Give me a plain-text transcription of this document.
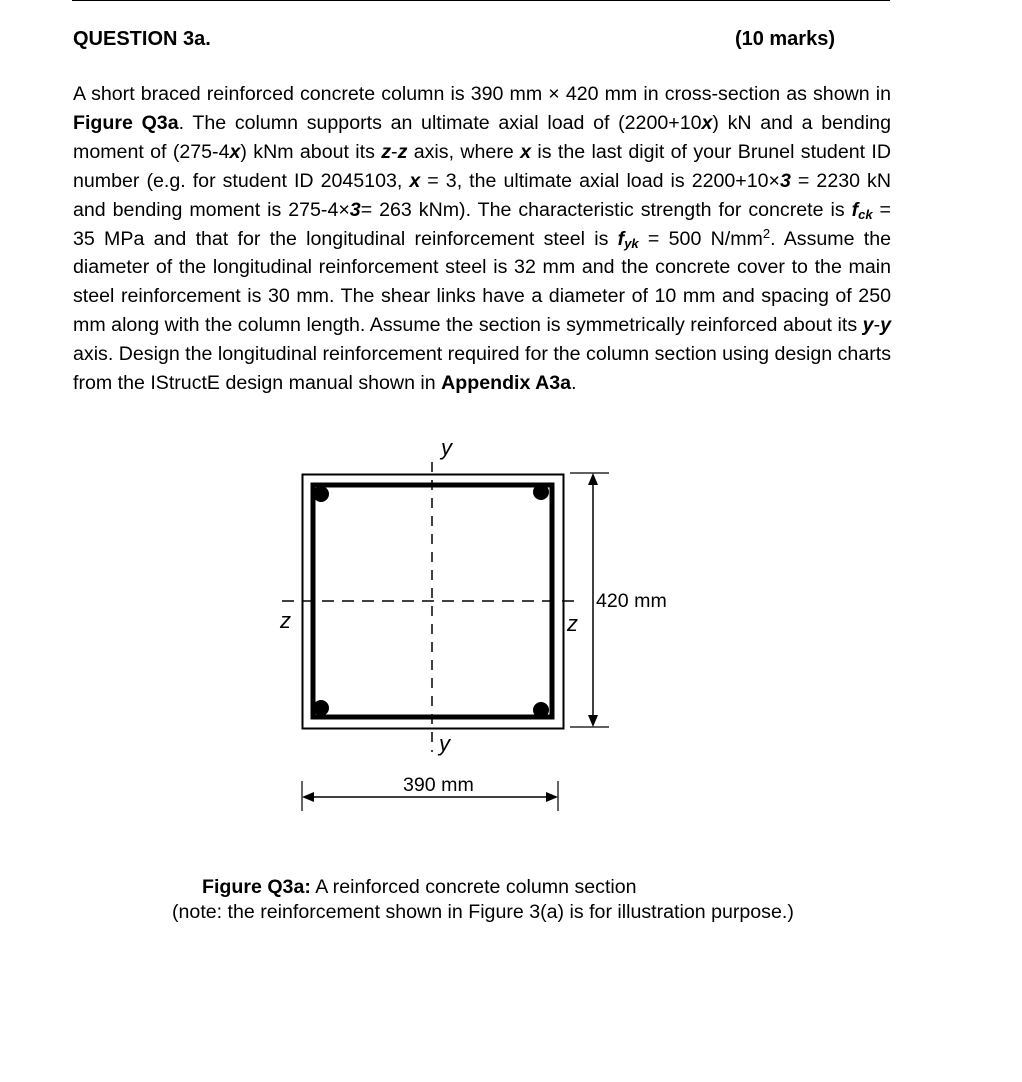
QUESTION 3a.	(10 marks)

A short braced reinforced concrete column is 390 mm × 420 mm in cross-section as shown in Figure Q3a. The column supports an ultimate axial load of (2200+10x) kN and a bending moment of (275-4x) kNm about its z-z axis, where x is the last digit of your Brunel student ID number (e.g. for student ID 2045103, x = 3, the ultimate axial load is 2200+10×3 = 2230 kN and bending moment is 275-4×3= 263 kNm). The characteristic strength for concrete is $f_{ck} = 35$ MPa and that for the longitudinal reinforcement steel is $f_{yk} = 500$ $N/mm^2$. Assume the diameter of the longitudinal reinforcement steel is 32 mm and the concrete cover to the main steel reinforcement is 30 mm. The shear links have a diameter of 10 mm and spacing of 250 mm along with the column length. Assume the section is symmetrically reinforced about its y-y axis. Design the longitudinal reinforcement required for the column section using design charts from the IStructE design manual shown in Appendix A3a.

y
y
z	z
420 mm
390 mm
Figure Q3a: A reinforced concrete column section
(note: the reinforcement shown in Figure 3(a) is for illustration purpose.)
